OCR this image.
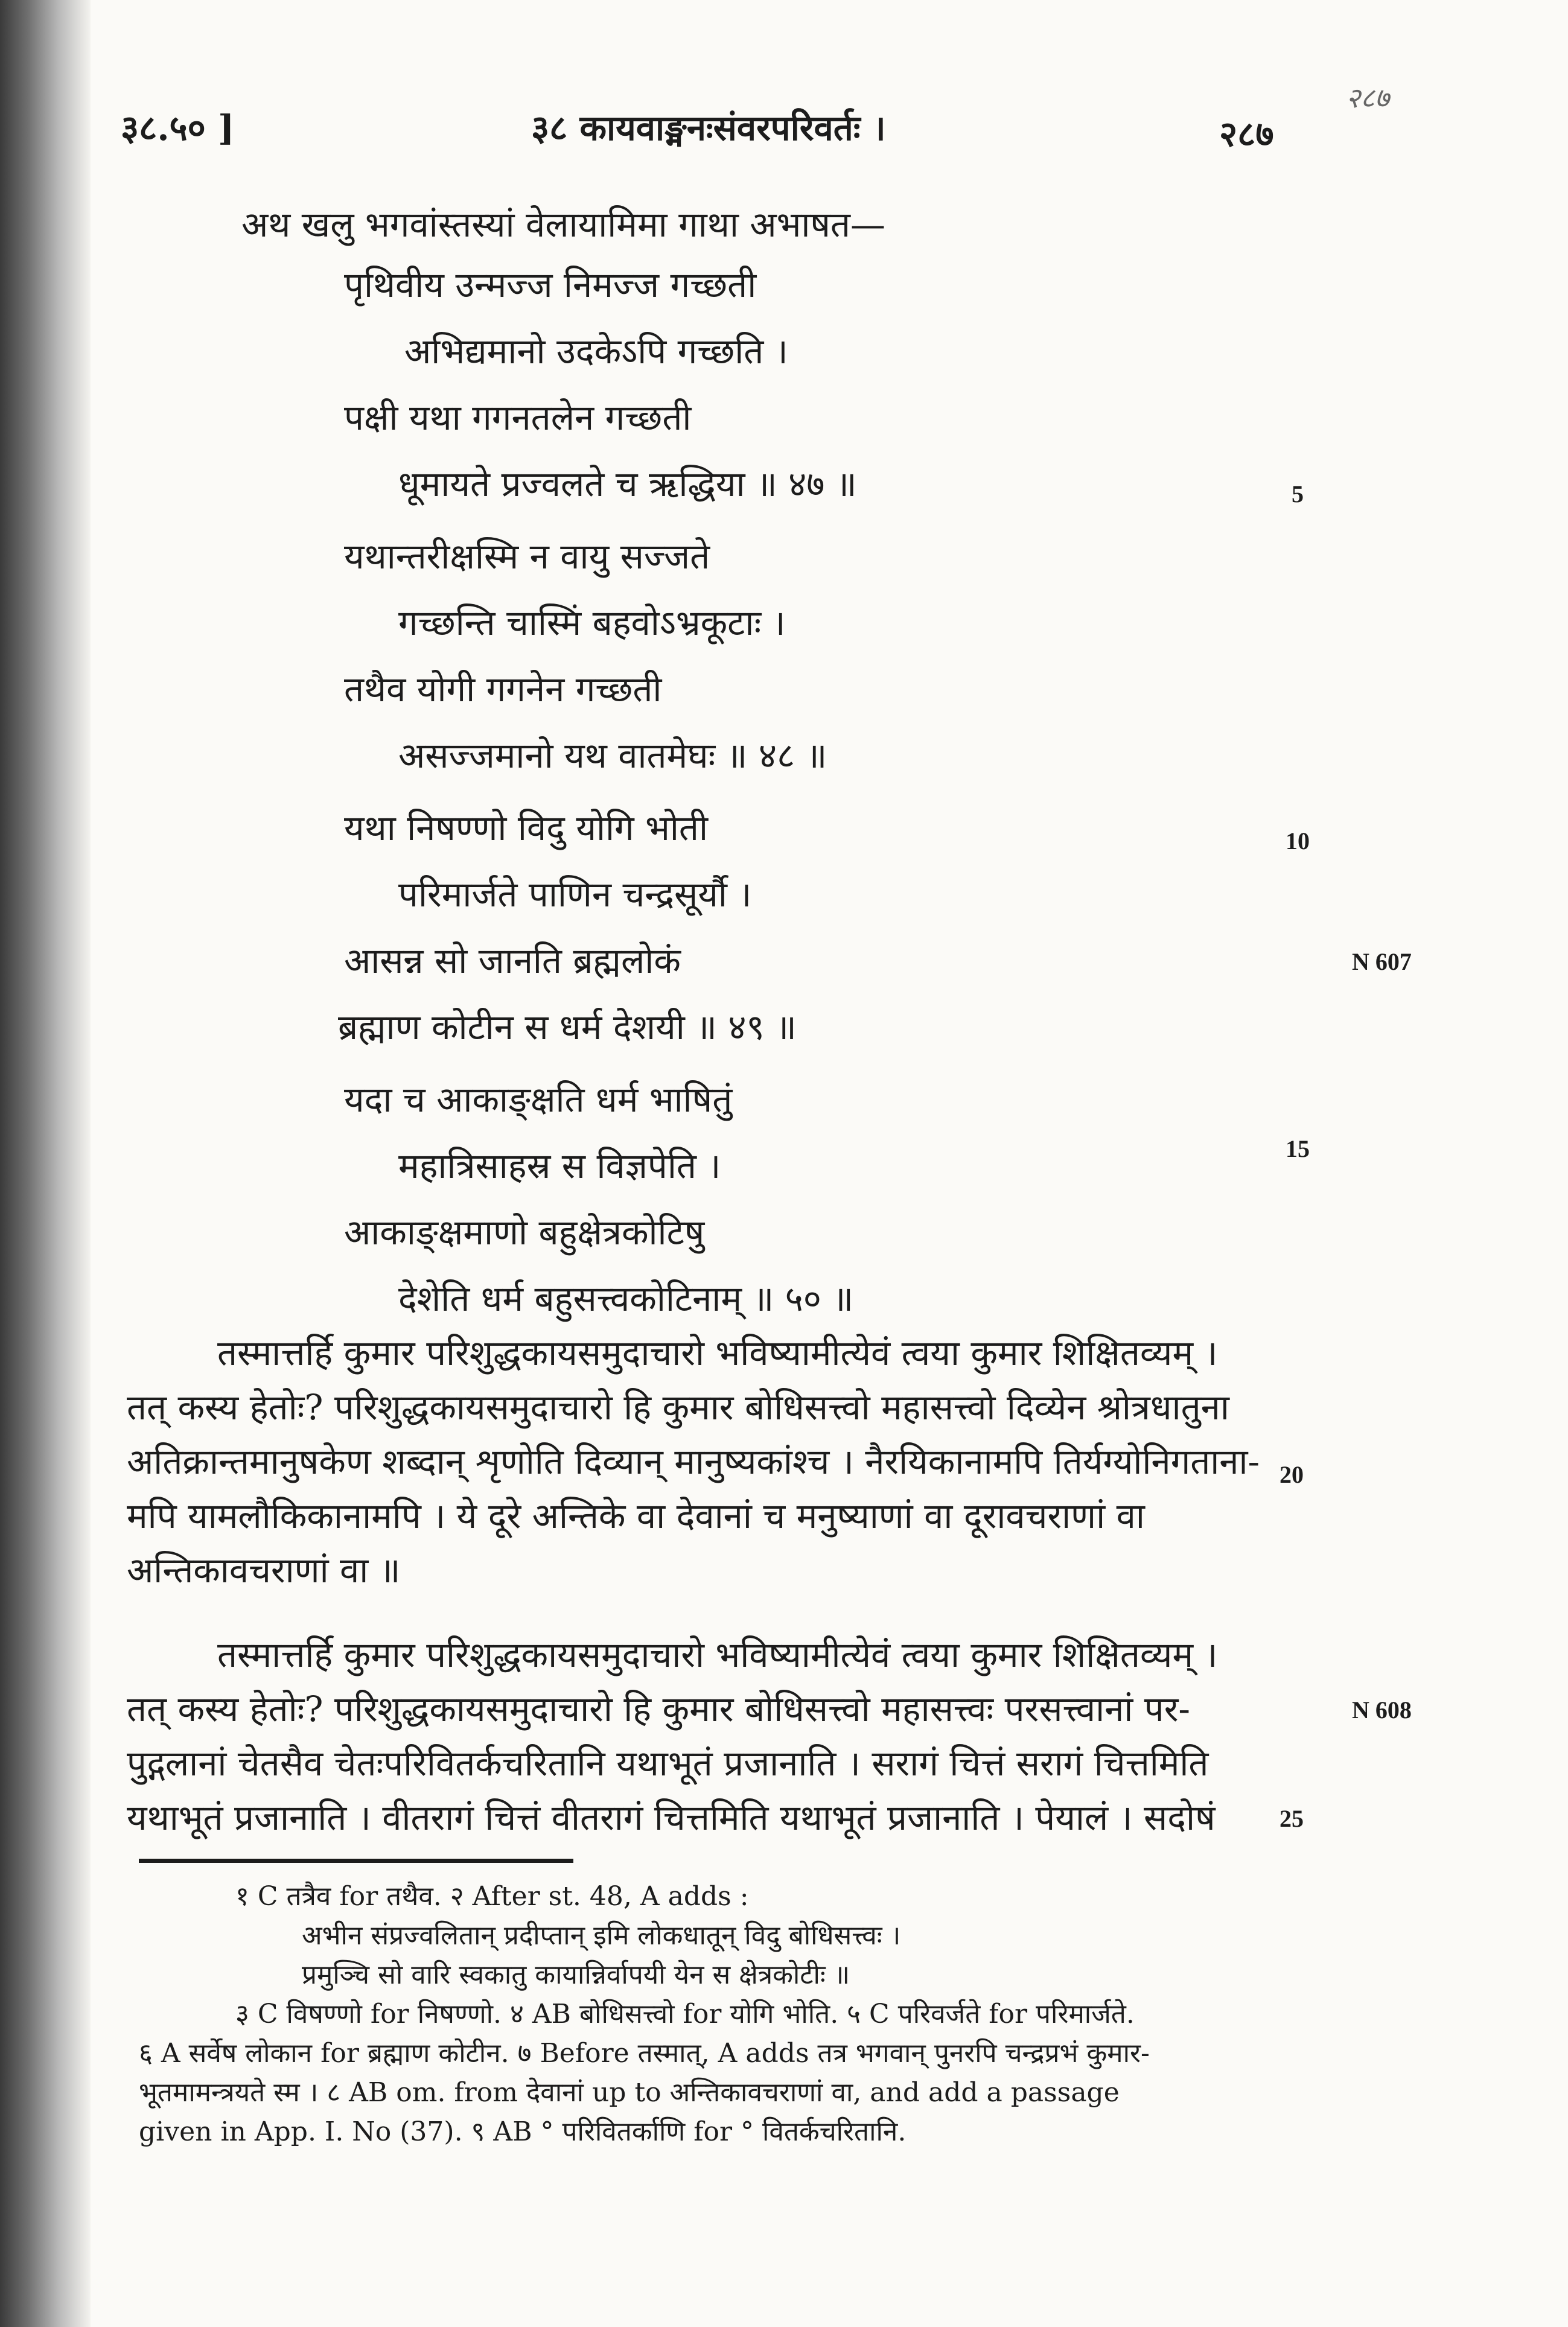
३८.५० ]	३८ कायवाङ्मनःसंवरपरिवर्तः ।	२८७
२८७
अथ खलु भगवांस्तस्यां वेलायामिमा गाथा अभाषत—
पृथिवीय उन्मज्ज निमज्ज गच्छती
अभिद्यमानो उदकेऽपि गच्छति ।
पक्षी यथा गगनतलेन गच्छती
धूमायते प्रज्वलते च ऋद्धिया ॥ ४७ ॥
यथान्तरीक्षस्मि न वायु सज्जते
गच्छन्ति चास्मिं बहवोऽभ्रकूटाः ।
तथैव योगी गगनेन गच्छती
असज्जमानो यथ वातमेघः ॥ ४८ ॥
यथा निषण्णो विदु योगि भोती
परिमार्जते पाणिन चन्द्रसूर्यौ ।
आसन्न सो जानति ब्रह्मलोकं
ब्रह्माण कोटीन स धर्म देशयी ॥ ४९ ॥
यदा च आकाङ्क्षति धर्म भाषितुं
महात्रिसाहस्र स विज्ञपेति ।
आकाङ्क्षमाणो बहुक्षेत्रकोटिषु
देशेति धर्म बहुसत्त्वकोटिनाम् ॥ ५० ॥
तस्मात्तर्हि कुमार परिशुद्धकायसमुदाचारो भविष्यामीत्येवं त्वया कुमार शिक्षितव्यम् ।
तत् कस्य हेतोः? परिशुद्धकायसमुदाचारो हि कुमार बोधिसत्त्वो महासत्त्वो दिव्येन श्रोत्रधातुना
अतिक्रान्तमानुषकेण शब्दान् शृणोति दिव्यान् मानुष्यकांश्च । नैरयिकानामपि तिर्यग्योनिगताना-
मपि यामलौकिकानामपि । ये दूरे अन्तिके वा देवानां च मनुष्याणां वा दूरावचराणां वा
अन्तिकावचराणां वा ॥
तस्मात्तर्हि कुमार परिशुद्धकायसमुदाचारो भविष्यामीत्येवं त्वया कुमार शिक्षितव्यम् ।
तत् कस्य हेतोः? परिशुद्धकायसमुदाचारो हि कुमार बोधिसत्त्वो महासत्त्वः परसत्त्वानां पर-
पुद्गलानां चेतसैव चेतःपरिवितर्कचरितानि यथाभूतं प्रजानाति । सरागं चित्तं सरागं चित्तमिति
5
10
15
20
25
N 607
N 608
१ C तत्रैव for तथैव. २ After st. 48, A adds :
अभीन संप्रज्वलितान् प्रदीप्तान् इमि लोकधातून् विदु बोधिसत्त्वः ।
प्रमुञ्चि सो वारि स्वकातु कायान्निर्वापयी येन स क्षेत्रकोटीः ॥
३ C विषण्णो for निषण्णो. ४ AB बोधिसत्त्वो for योगि भोति. ५ C परिवर्जते for परिमार्जते.
६ A सर्वेष लोकान for ब्रह्माण कोटीन. ७ Before तस्मात्, A adds तत्र भगवान् पुनरपि चन्द्रप्रभं कुमार-
भूतमामन्त्रयते स्म । ८ AB om. from देवानां up to अन्तिकावचराणां वा, and add a passage
given in App. I. No (37). ९ AB ° परिवितर्काणि for ° वितर्कचरितानि.
यथाभूतं प्रजानाति । वीतरागं चित्तं वीतरागं चित्तमिति यथाभूतं प्रजानाति । पेयालं । सदोषं
